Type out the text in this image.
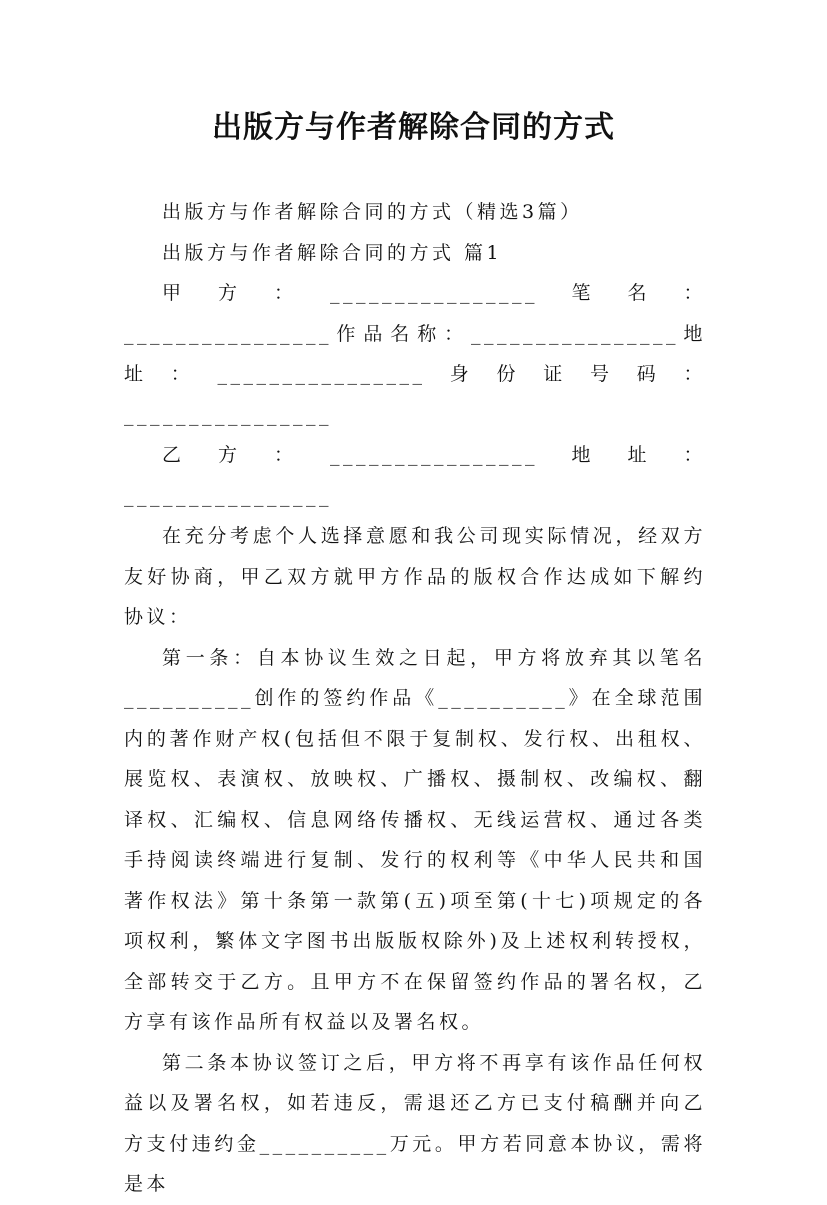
出版方与作者解除合同的方式

出版方与作者解除合同的方式（精选3篇）

出版方与作者解除合同的方式 篇1

甲方：________________笔名：________________作品名称：________________地址：________________身份证号码：________________

乙方：________________地址：________________

在充分考虑个人选择意愿和我公司现实际情况，经双方友好协商，甲乙双方就甲方作品的版权合作达成如下解约协议：

第一条：自本协议生效之日起，甲方将放弃其以笔名__________创作的签约作品《__________》在全球范围内的著作财产权(包括但不限于复制权、发行权、出租权、展览权、表演权、放映权、广播权、摄制权、改编权、翻译权、汇编权、信息网络传播权、无线运营权、通过各类手持阅读终端进行复制、发行的权利等《中华人民共和国著作权法》第十条第一款第(五)项至第(十七)项规定的各项权利，繁体文字图书出版版权除外)及上述权利转授权，全部转交于乙方。且甲方不在保留签约作品的署名权，乙方享有该作品所有权益以及署名权。

第二条本协议签订之后，甲方将不再享有该作品任何权益以及署名权，如若违反，需退还乙方已支付稿酬并向乙方支付违约金__________万元。甲方若同意本协议，需将是本
